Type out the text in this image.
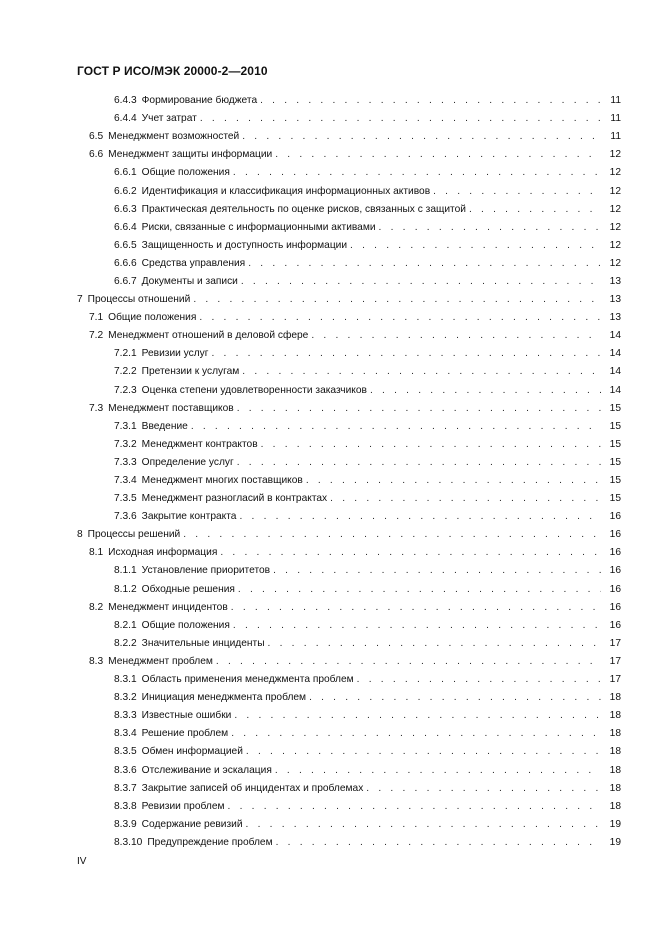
ГОСТ Р ИСО/МЭК 20000-2—2010
6.4.3 Формирование бюджета . . .	11
6.4.4 Учет затрат . . .	11
6.5 Менеджмент возможностей . . .	11
6.6 Менеджмент защиты информации . . .	12
6.6.1 Общие положения . . .	12
6.6.2 Идентификация и классификация информационных активов . . .	12
6.6.3 Практическая деятельность по оценке рисков, связанных с защитой . . .	12
6.6.4 Риски, связанные с информационными активами . . .	12
6.6.5 Защищенность и доступность информации . . .	12
6.6.6 Средства управления . . .	12
6.6.7 Документы и записи . . .	13
7 Процессы отношений . . .	13
7.1 Общие положения . . .	13
7.2 Менеджмент отношений в деловой сфере . . .	14
7.2.1 Ревизии услуг . . .	14
7.2.2 Претензии к услугам . . .	14
7.2.3 Оценка степени удовлетворенности заказчиков . . .	14
7.3 Менеджмент поставщиков . . .	15
7.3.1 Введение . . .	15
7.3.2 Менеджмент контрактов . . .	15
7.3.3 Определение услуг . . .	15
7.3.4 Менеджмент многих поставщиков . . .	15
7.3.5 Менеджмент разногласий в контрактах . . .	15
7.3.6 Закрытие контракта . . .	16
8 Процессы решений . . .	16
8.1 Исходная информация . . .	16
8.1.1 Установление приоритетов . . .	16
8.1.2 Обходные решения . . .	16
8.2 Менеджмент инцидентов . . .	16
8.2.1 Общие положения . . .	16
8.2.2 Значительные инциденты . . .	17
8.3 Менеджмент проблем . . .	17
8.3.1 Область применения менеджмента проблем . . .	17
8.3.2 Инициация менеджмента проблем . . .	18
8.3.3 Известные ошибки . . .	18
8.3.4 Решение проблем . . .	18
8.3.5 Обмен информацией . . .	18
8.3.6 Отслеживание и эскалация . . .	18
8.3.7 Закрытие записей об инцидентах и проблемах . . .	18
8.3.8 Ревизии проблем . . .	18
8.3.9 Содержание ревизий . . .	19
8.3.10 Предупреждение проблем . . .	19
IV
